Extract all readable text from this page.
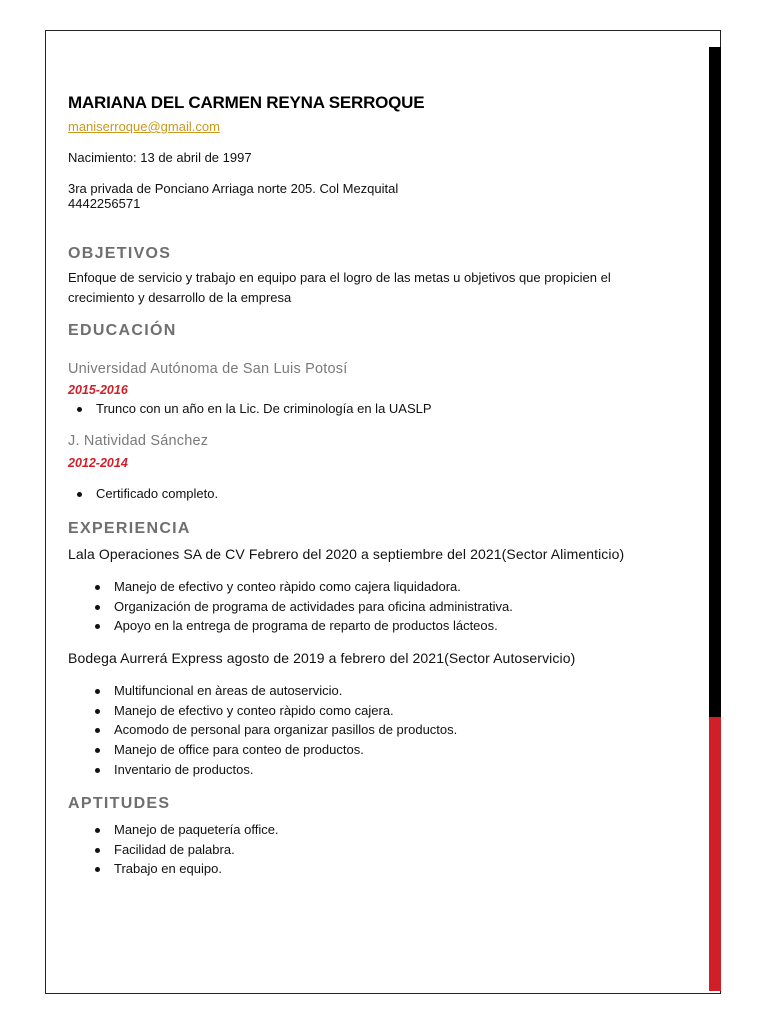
MARIANA DEL CARMEN REYNA SERROQUE
maniserroque@gmail.com
Nacimiento: 13 de abril de 1997
3ra privada de Ponciano Arriaga norte 205. Col Mezquital
4442256571
OBJETIVOS
Enfoque de servicio y trabajo en equipo para el logro de las metas u objetivos que propicien el crecimiento y desarrollo de la empresa
EDUCACIÓN
Universidad Autónoma de San Luis Potosí
2015-2016
Trunco con un año en la Lic. De criminología en la UASLP
J. Natividad Sánchez
2012-2014
Certificado completo.
EXPERIENCIA
Lala Operaciones SA de CV Febrero del 2020 a septiembre del 2021(Sector Alimenticio)
Manejo de efectivo y conteo ràpido como cajera liquidadora.
Organización de programa de actividades para oficina administrativa.
Apoyo en la entrega de programa de reparto de productos lácteos.
Bodega Aurrerá Express agosto de 2019 a febrero del 2021(Sector Autoservicio)
Multifuncional en àreas de autoservicio.
Manejo de efectivo y conteo ràpido como cajera.
Acomodo de personal para organizar pasillos de productos.
Manejo de office para conteo de productos.
Inventario de productos.
APTITUDES
Manejo de paquetería office.
Facilidad de palabra.
Trabajo en equipo.
